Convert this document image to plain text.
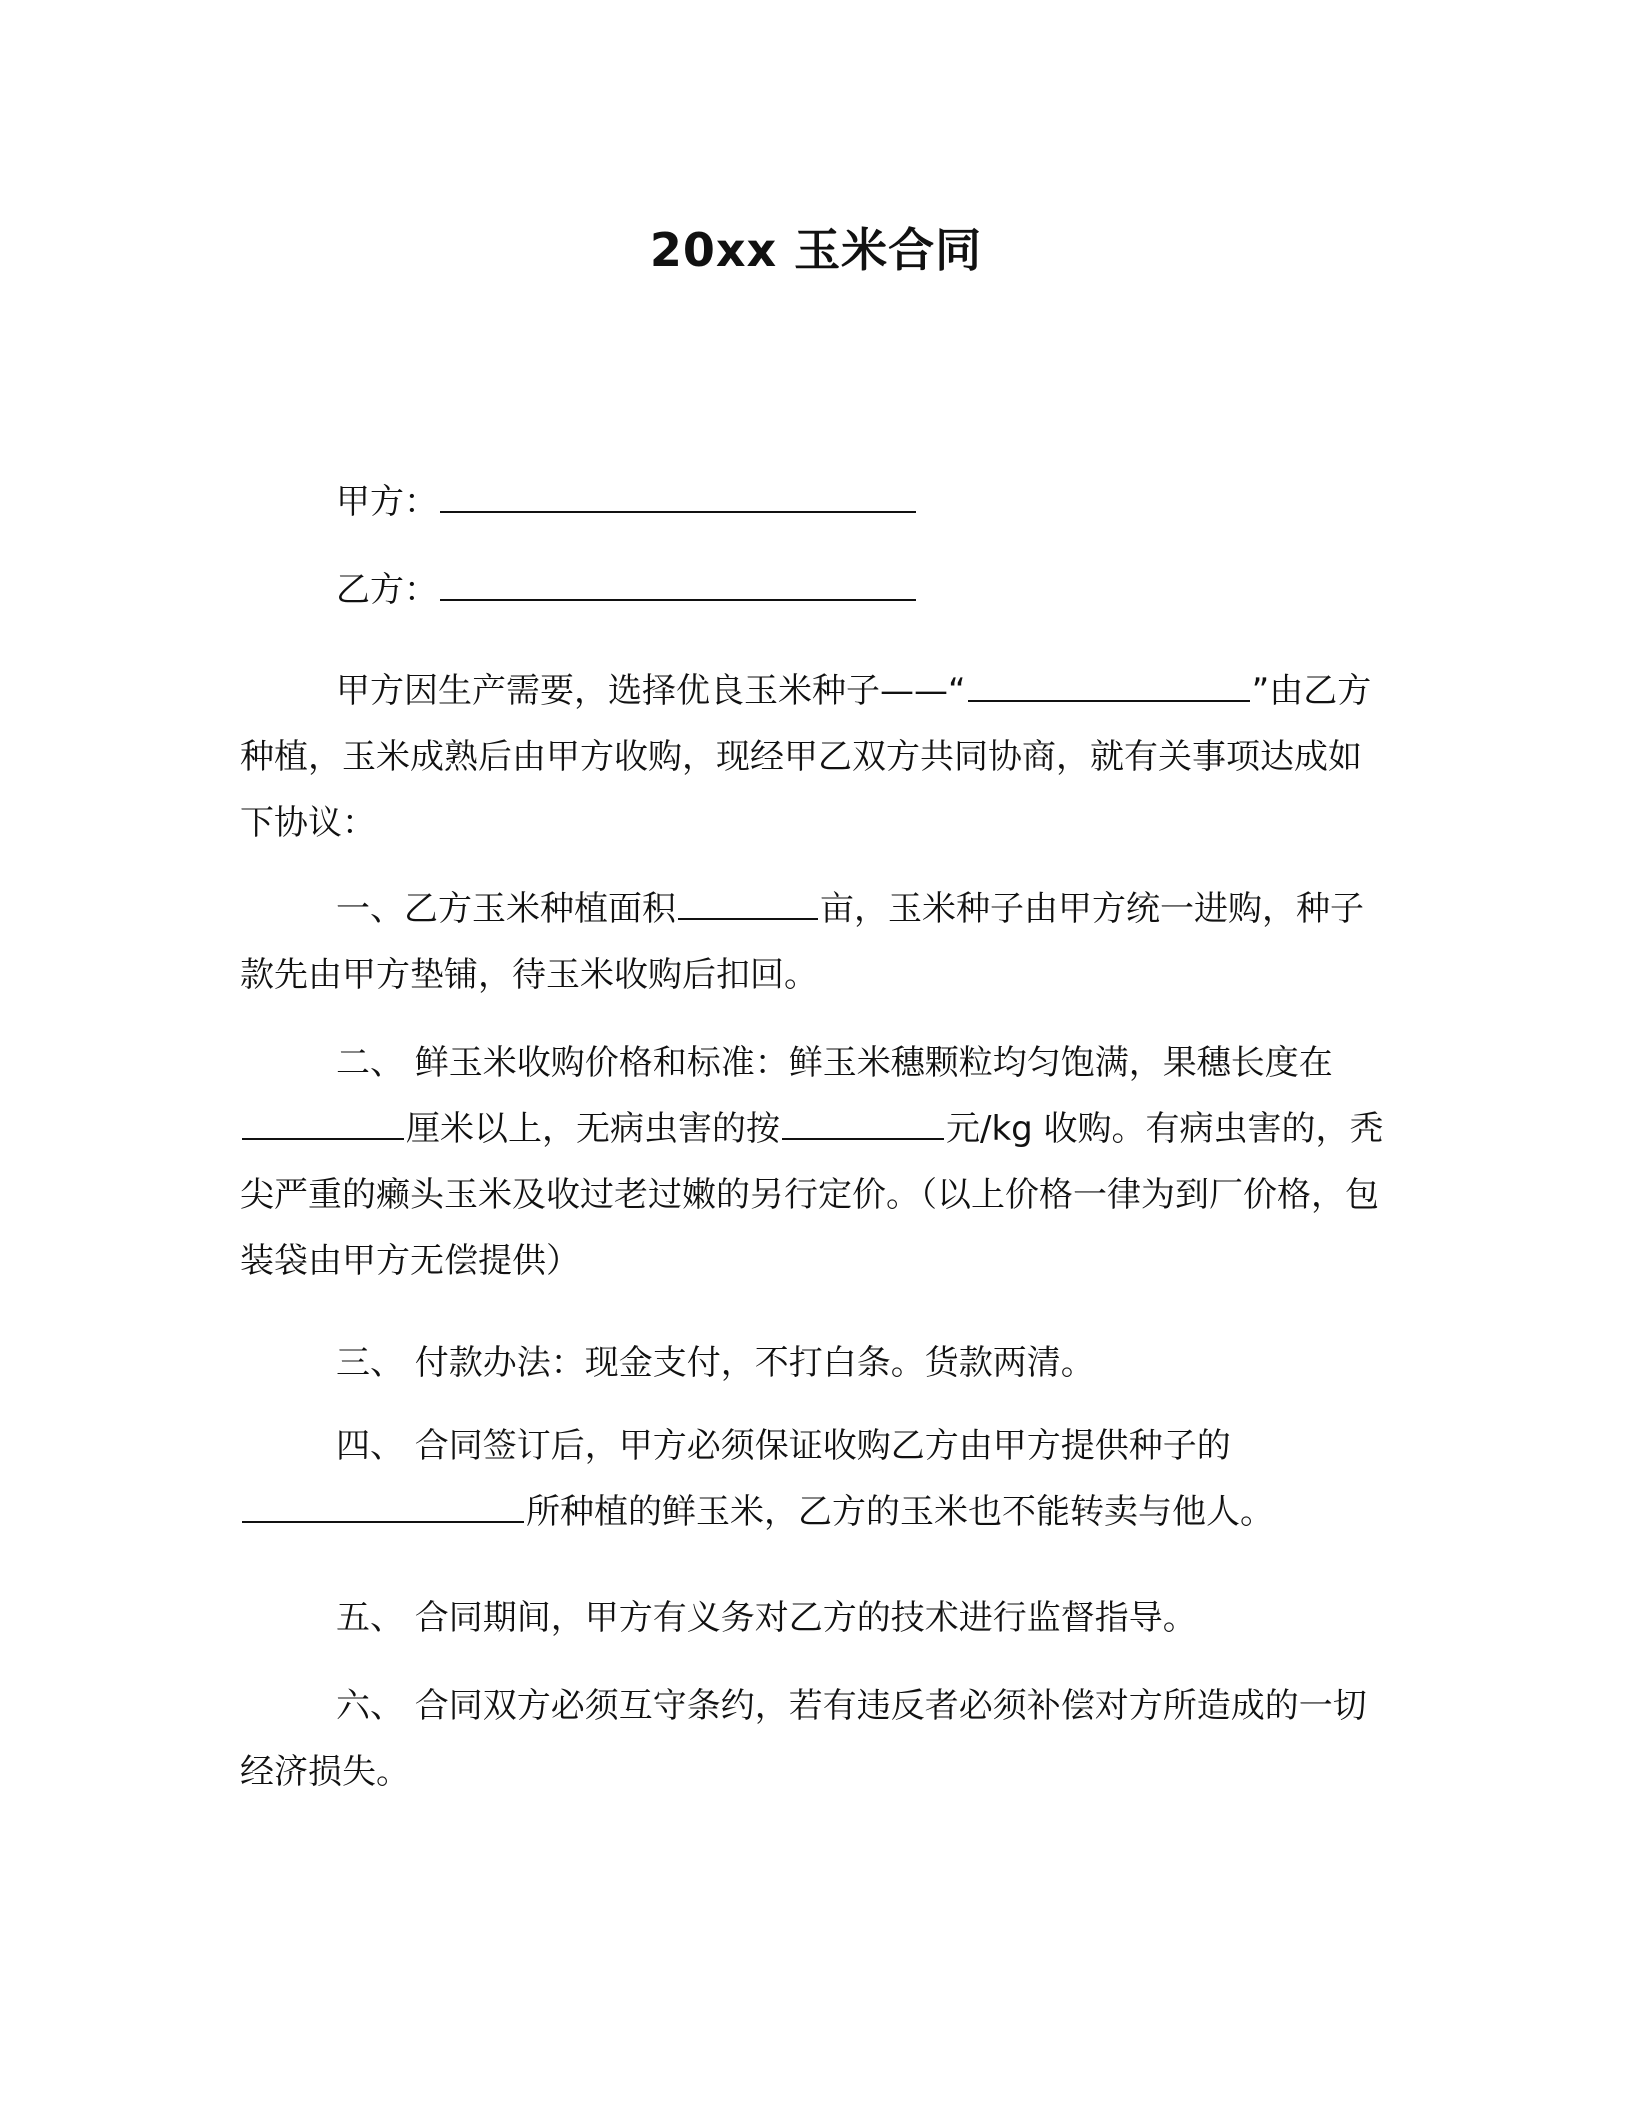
20xx 玉米合同
甲方：
乙方：
甲方因生产需要，选择优良玉米种子——“	”由乙方种植，玉米成熟后由甲方收购，现经甲乙双方共同协商，就有关事项达成如下协议：
一、乙方玉米种植面积	亩，玉米种子由甲方统一进购，种子款先由甲方垫铺，待玉米收购后扣回。
二、 鲜玉米收购价格和标准：鲜玉米穗颗粒均匀饱满，果穗长度在厘米以上，无病虫害的按	元/kg 收购。有病虫害的，秃尖严重的癞头玉米及收过老过嫩的另行定价。（以上价格一律为到厂价格，包装袋由甲方无偿提供）
三、 付款办法：现金支付，不打白条。货款两清。
四、 合同签订后，甲方必须保证收购乙方由甲方提供种子的所种植的鲜玉米，乙方的玉米也不能转卖与他人。
五、 合同期间，甲方有义务对乙方的技术进行监督指导。
六、 合同双方必须互守条约，若有违反者必须补偿对方所造成的一切经济损失。
